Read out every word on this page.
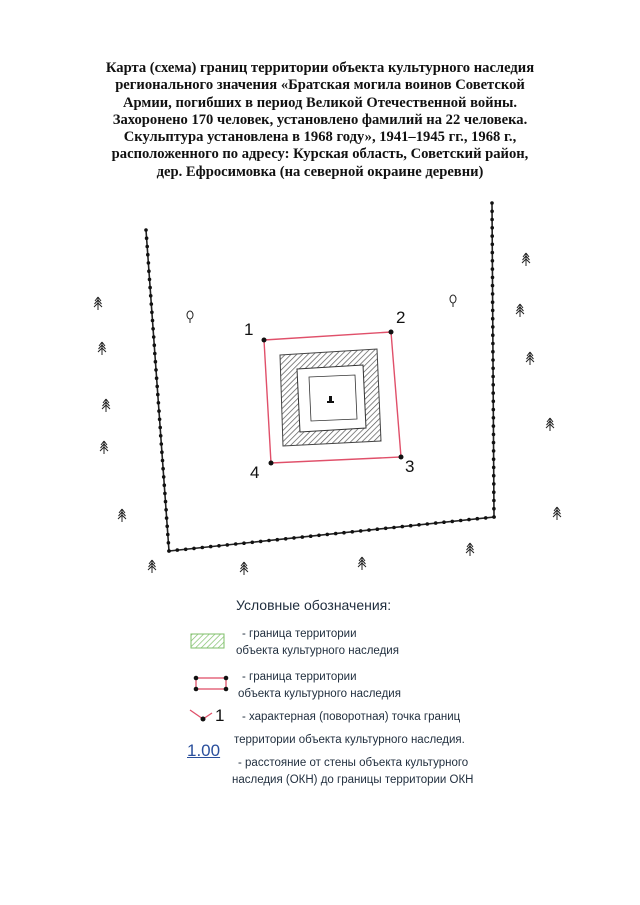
Карта (схема) границ территории объекта культурного наследия
регионального значения «Братская могила воинов Советской
Армии, погибших в период Великой Отечественной войны.
Захоронено 170 человек, установлено фамилий на 22 человека.
Скульптура установлена в 1968 году», 1941–1945 гг., 1968 г.,
расположенного по адресу: Курская область, Советский район,
дер. Ефросимовка (на северной окраине деревни)
1
2
3
4
Условные обозначения:
- граница территории
объекта культурного наследия
- граница территории
объекта культурного наследия
1	- характерная (поворотная) точка границ
территории объекта культурного наследия.
1.00
- расстояние от стены объекта культурного
наследия (ОКН) до границы территории ОКН
